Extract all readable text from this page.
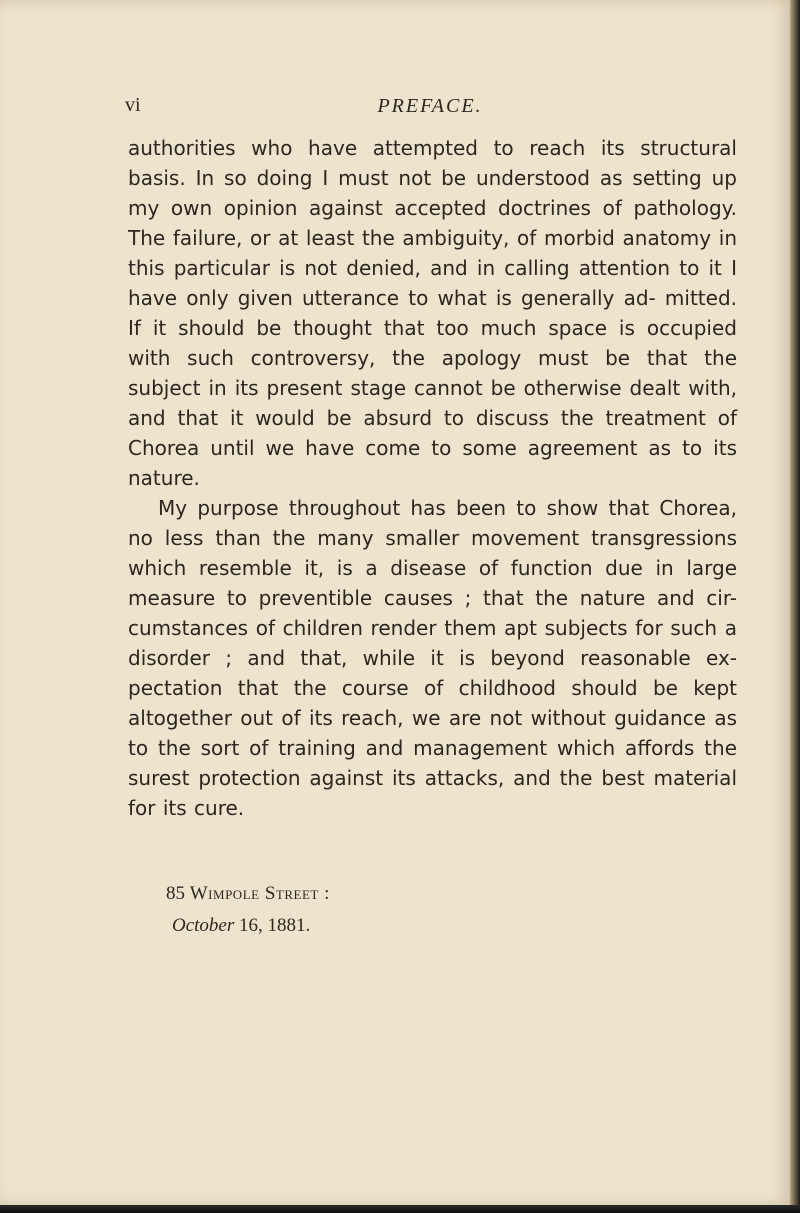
vi	PREFACE.

authorities who have attempted to reach its structural basis. In so doing I must not be understood as setting up my own opinion against accepted doctrines of pathology. The failure, or at least the ambiguity, of morbid anatomy in this particular is not denied, and in calling attention to it I have only given utterance to what is generally ad- mitted. If it should be thought that too much space is occupied with such controversy, the apology must be that the subject in its present stage cannot be otherwise dealt with, and that it would be absurd to discuss the treatment of Chorea until we have come to some agreement as to its nature.

My purpose throughout has been to show that Chorea, no less than the many smaller movement transgressions which resemble it, is a disease of function due in large measure to preventible causes ; that the nature and cir- cumstances of children render them apt subjects for such a disorder ; and that, while it is beyond reasonable ex- pectation that the course of childhood should be kept altogether out of its reach, we are not without guidance as to the sort of training and management which affords the surest protection against its attacks, and the best material for its cure.

85 Wimpole Street :
October 16, 1881.
